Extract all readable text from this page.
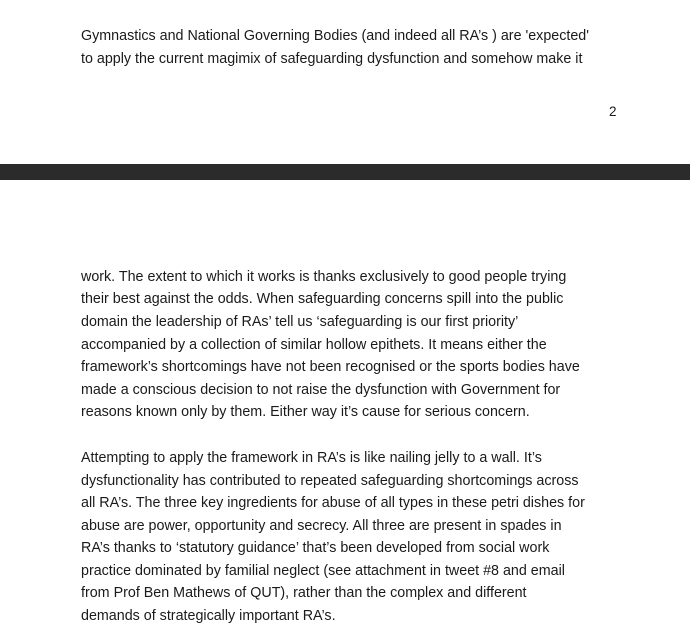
Gymnastics and National Governing Bodies (and indeed all RA’s ) are 'expected'
to apply the current magimix of safeguarding dysfunction and somehow make it
2
work. The extent to which it works is thanks exclusively to good people trying
their best against the odds. When safeguarding concerns spill into the public
domain the leadership of RAs’ tell us ‘safeguarding is our first priority’
accompanied by a collection of similar hollow epithets. It means either the
framework’s shortcomings have not been recognised or the sports bodies have
made a conscious decision to not raise the dysfunction with Government for
reasons known only by them. Either way it’s cause for serious concern.
Attempting to apply the framework in RA’s is like nailing jelly to a wall. It’s
dysfunctionality has contributed to repeated safeguarding shortcomings across
all RA’s. The three key ingredients for abuse of all types in these petri dishes for
abuse are power, opportunity and secrecy. All three are present in spades in
RA’s thanks to ‘statutory guidance’ that’s been developed from social work
practice dominated by familial neglect (see attachment in tweet #8 and email
from Prof Ben Mathews of QUT), rather than the complex and different
demands of strategically important RA’s.
